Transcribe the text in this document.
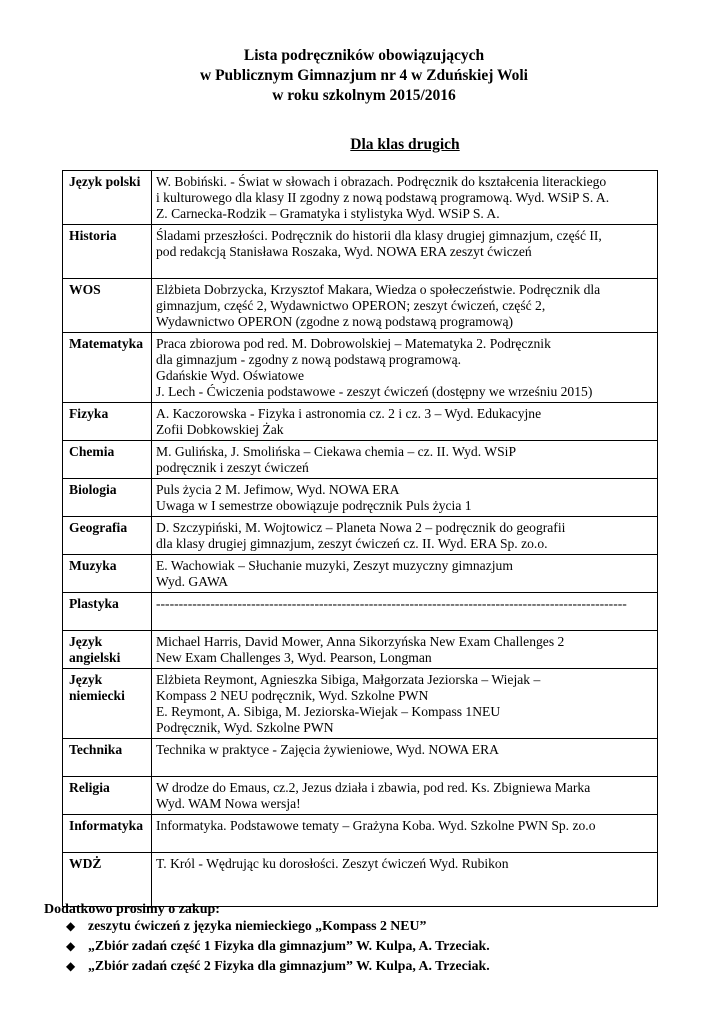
Lista podręczników obowiązujących
w Publicznym Gimnazjum nr 4 w Zduńskiej Woli
w roku szkolnym 2015/2016
Dla klas drugich
Język polski	W. Bobiński. - Świat w słowach i obrazach. Podręcznik do kształcenia literackiego
i kulturowego dla klasy II zgodny z nową podstawą programową. Wyd. WSiP S. A.
Z. Carnecka-Rodzik – Gramatyka i stylistyka Wyd. WSiP S. A.

Historia	Śladami przeszłości. Podręcznik do historii dla klasy drugiej gimnazjum, część II,
pod redakcją Stanisława Roszaka, Wyd. NOWA ERA zeszyt ćwiczeń

WOS	Elżbieta Dobrzycka, Krzysztof Makara, Wiedza o społeczeństwie. Podręcznik dla
gimnazjum, część 2, Wydawnictwo OPERON; zeszyt ćwiczeń, część 2,
Wydawnictwo OPERON (zgodne z nową podstawą programową)

Matematyka	Praca zbiorowa pod red. M. Dobrowolskiej – Matematyka 2. Podręcznik
dla gimnazjum - zgodny z nową podstawą programową.
Gdańskie Wyd. Oświatowe
J. Lech - Ćwiczenia podstawowe - zeszyt ćwiczeń (dostępny we wrześniu 2015)

Fizyka	A. Kaczorowska - Fizyka i astronomia cz. 2 i cz. 3 – Wyd. Edukacyjne
Zofii Dobkowskiej Żak

Chemia	M. Gulińska, J. Smolińska – Ciekawa chemia – cz. II. Wyd. WSiP
podręcznik i zeszyt ćwiczeń

Biologia	Puls życia 2 M. Jefimow, Wyd. NOWA ERA
Uwaga w I semestrze obowiązuje podręcznik Puls życia 1

Geografia	D. Szczypiński, M. Wojtowicz – Planeta Nowa 2 – podręcznik do geografii
dla klasy drugiej gimnazjum, zeszyt ćwiczeń cz. II. Wyd. ERA Sp. zo.o.

Muzyka	E. Wachowiak – Słuchanie muzyki, Zeszyt muzyczny gimnazjum
Wyd. GAWA

Plastyka	--------------------------------------------------------------------------------------------------------

Język
angielski	Michael Harris, David Mower, Anna Sikorzyńska New Exam Challenges 2
New Exam Challenges 3, Wyd. Pearson, Longman

Język
niemiecki	Elżbieta Reymont, Agnieszka Sibiga, Małgorzata Jeziorska – Wiejak –
Kompass 2 NEU podręcznik, Wyd. Szkolne PWN
E. Reymont, A. Sibiga, M. Jeziorska-Wiejak – Kompass 1NEU
Podręcznik, Wyd. Szkolne PWN

Technika	Technika w praktyce - Zajęcia żywieniowe, Wyd. NOWA ERA

Religia	W drodze do Emaus, cz.2, Jezus działa i zbawia, pod red. Ks. Zbigniewa Marka
Wyd. WAM Nowa wersja!

Informatyka	Informatyka. Podstawowe tematy – Grażyna Koba. Wyd. Szkolne PWN Sp. zo.o

WDŻ	T. Król - Wędrując ku dorosłości. Zeszyt ćwiczeń Wyd. Rubikon

Dodatkowo prosimy o zakup:
◆ zeszytu ćwiczeń z języka niemieckiego „Kompass 2 NEU”
◆ „Zbiór zadań część 1 Fizyka dla gimnazjum” W. Kulpa, A. Trzeciak.
◆ „Zbiór zadań część 2 Fizyka dla gimnazjum” W. Kulpa, A. Trzeciak.
